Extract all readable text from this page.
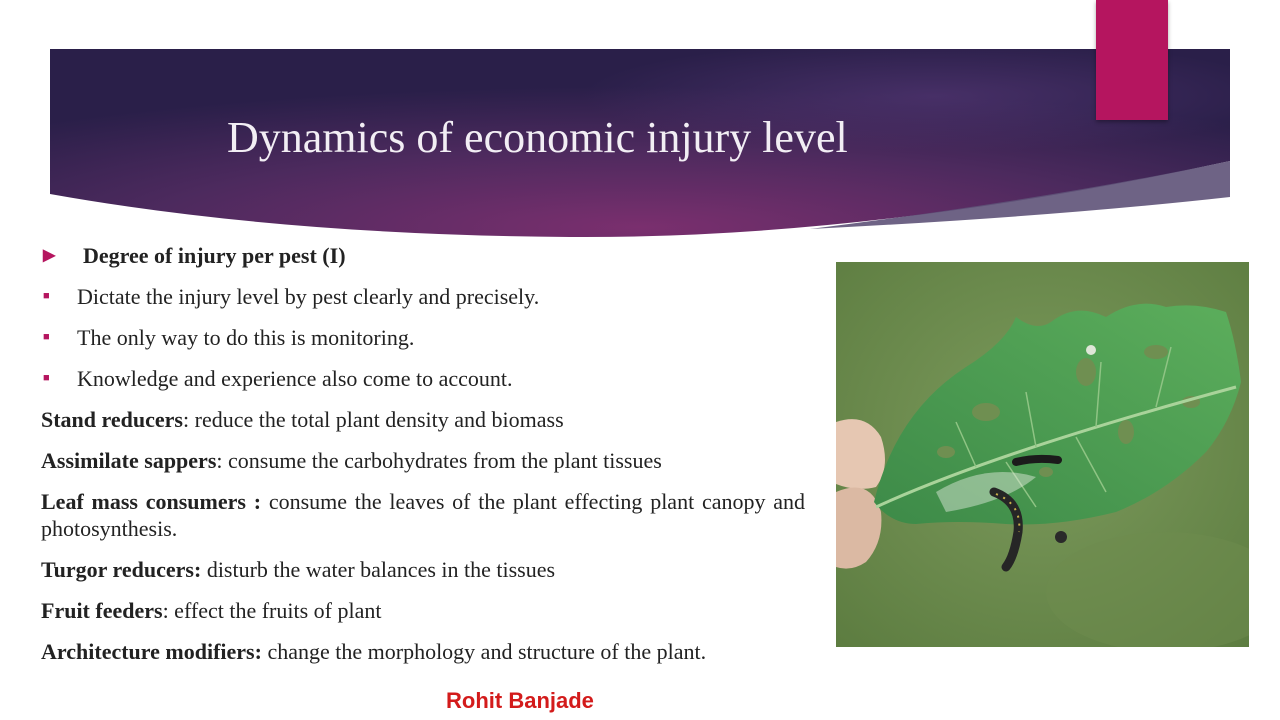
Dynamics of economic injury level
▶ Degree of injury per pest (I)
■ Dictate the injury level by pest clearly and precisely.
■ The only way to do this is monitoring.
■ Knowledge and experience also come to account.
Stand reducers: reduce the total plant density and biomass
Assimilate sappers: consume the carbohydrates from the plant tissues
Leaf mass consumers : consume the leaves of the plant effecting plant canopy and photosynthesis.
Turgor reducers: disturb the water balances in the tissues
Fruit feeders: effect the fruits of plant
Architecture modifiers: change the morphology and structure of the plant.

Rohit Banjade
